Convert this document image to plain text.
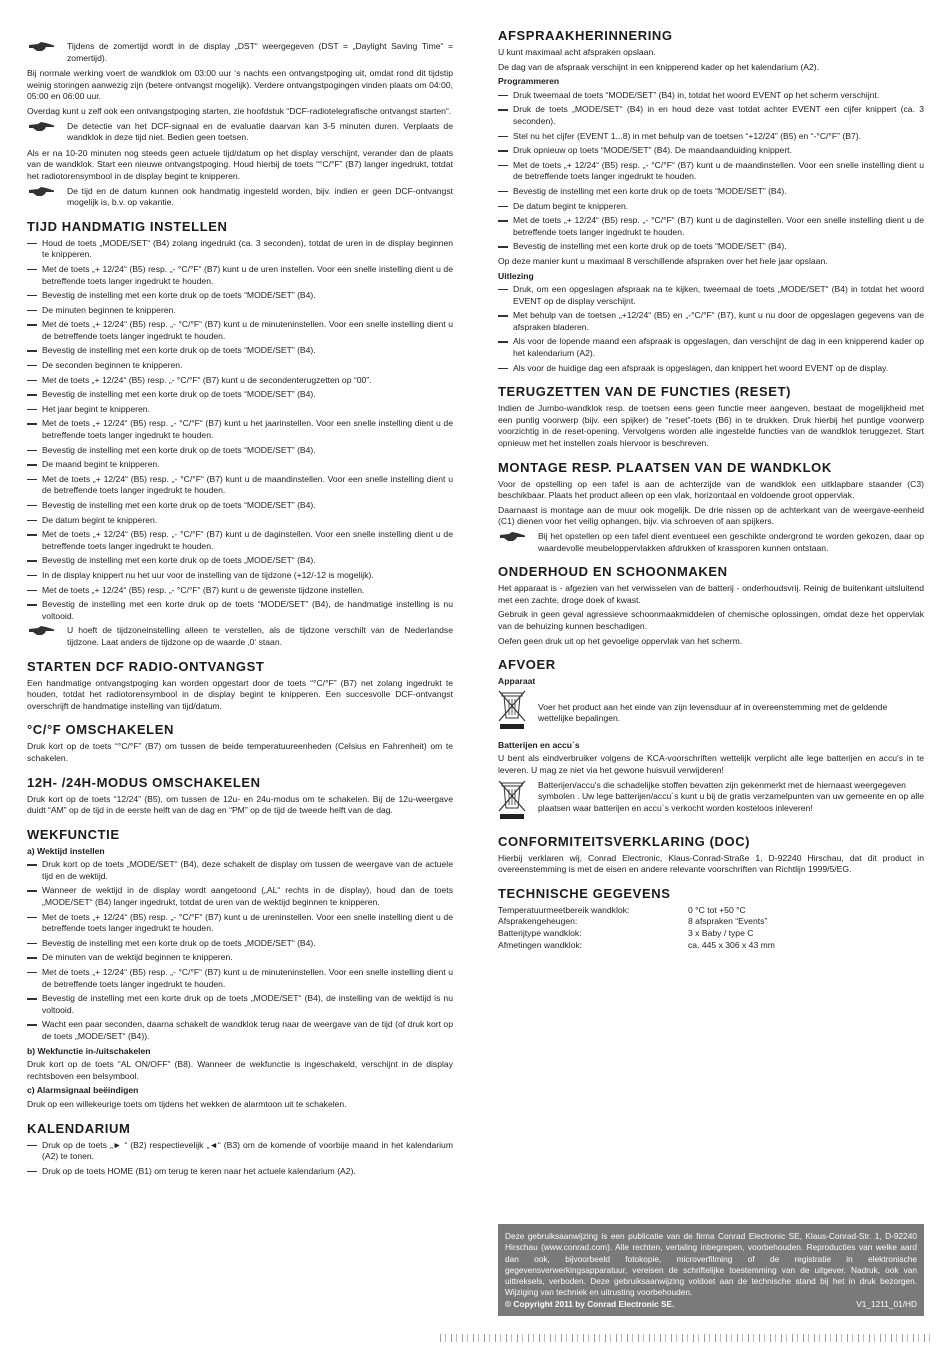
Tijdens de zomertijd wordt in de display „DST“ weergegeven (DST = „Daylight Saving Time“ = zomertijd).

Bij normale werking voert de wandklok om 03:00 uur ‘s nachts een ontvangstpoging uit, omdat rond dit tijdstip weinig storingen aanwezig zijn (betere ontvangst mogelijk). Verdere ontvangstpogingen vinden plaats om 04:00, 05:00 en 06:00 uur.

Overdag kunt u zelf ook een ontvangstpoging starten, zie hoofdstuk “DCF-radiotelegrafische ontvangst starten“.

De detectie van het DCF-signaal en de evaluatie daarvan kan 3-5 minuten duren. Verplaats de wandklok in deze tijd niet. Bedien geen toetsen.

Als er na 10-20 minuten nog steeds geen actuele tijd/datum op het display verschijnt, verander dan de plaats van de wandklok. Start een nieuwe ontvangstpoging. Houd hierbij de toets “°C/°F” (B7) langer ingedrukt, totdat het radiotorensymbool in de display begint te knipperen.

De tijd en de datum kunnen ook handmatig ingesteld worden, bijv. indien er geen DCF-ontvangst mogelijk is, b.v. op vakantie.
TIJD HANDMATIG INSTELLEN
Houd de toets „MODE/SET“ (B4) zolang ingedrukt (ca. 3 seconden), totdat de uren in de display beginnen te knipperen.
Met de toets „+ 12/24“ (B5) resp. „- °C/°F“ (B7) kunt u de uren instellen. Voor een snelle instelling dient u de betreffende toets langer ingedrukt te houden.
Bevestig de instelling met een korte druk op de toets “MODE/SET” (B4).
De minuten beginnen te knipperen.
Met de toets „+ 12/24“ (B5) resp. „- °C/°F“ (B7) kunt u de minuteninstellen. Voor een snelle instelling dient u de betreffende toets langer ingedrukt te houden.
Bevestig de instelling met een korte druk op de toets “MODE/SET” (B4).
De seconden beginnen te knipperen.
Met de toets „+ 12/24“ (B5) resp. „- °C/°F“ (B7) kunt u de secondenterugzetten op “00”.
Bevestig de instelling met een korte druk op de toets “MODE/SET” (B4).
Het jaar begint te knipperen.
Met de toets „+ 12/24“ (B5) resp. „- °C/°F“ (B7) kunt u het jaarinstellen. Voor een snelle instelling dient u de betreffende toets langer ingedrukt te houden.
Bevestig de instelling met een korte druk op de toets “MODE/SET” (B4).
De maand begint te knipperen.
Met de toets „+ 12/24“ (B5) resp. „- °C/°F“ (B7) kunt u de maandinstellen. Voor een snelle instelling dient u de betreffende toets langer ingedrukt te houden.
Bevestig de instelling met een korte druk op de toets “MODE/SET” (B4).
De datum begint te knipperen.
Met de toets „+ 12/24“ (B5) resp. „- °C/°F“ (B7) kunt u de daginstellen. Voor een snelle instelling dient u de betreffende toets langer ingedrukt te houden.
Bevestig de instelling met een korte druk op de toets „MODE/SET“ (B4).
In de display knippert nu het uur voor de instelling van de tijdzone (+12/-12 is mogelijk).
Met de toets „+ 12/24“ (B5) resp. „- °C/°F“ (B7) kunt u de gewenste tijdzone instellen.
Bevestig de instelling met een korte druk op de toets “MODE/SET” (B4), de handmatige instelling is nu voltooid.
U hoeft de tijdzoneinstelling alleen te verstellen, als de tijdzone verschilt van de Nederlandse tijdzone. Laat anders de tijdzone op de waarde ‚0‘ staan.
STARTEN DCF RADIO-ONTVANGST

Een handmatige ontvangstpoging kan worden opgestart door de toets “°C/°F” (B7) net zolang ingedrukt te houden, totdat het radiotorensymbool in de display begint te knipperen. Een succesvolle DCF-ontvangst overschrijft de handmatige instelling van tijd/datum.

°C/°F OMSCHAKELEN

Druk kort op de toets “°C/°F” (B7) om tussen de beide temperatuureenheden (Celsius en Fahrenheit) om te schakelen.

12H- /24H-MODUS OMSCHAKELEN

Druk kort op de toets “12/24” (B5), om tussen de 12u- en 24u-modus om te schakelen. Bij de 12u-weergave duidt “AM” op de tijd in de eerste helft van de dag en “PM” op de tijd de tweede helft van de dag.

WEKFUNCTIE
a) Wektijd instellen
Druk kort op de toets „MODE/SET“ (B4), deze schakelt de display om tussen de weergave van de actuele tijd en de wektijd.
Wanneer de wektijd in de display wordt aangetoond („AL“ rechts in de display), houd dan de toets „MODE/SET“ (B4) langer ingedrukt, totdat de uren van de wektijd beginnen te knipperen.
Met de toets „+ 12/24“ (B5) resp. „- °C/°F“ (B7) kunt u de ureninstellen. Voor een snelle instelling dient u de betreffende toets langer ingedrukt te houden.
Bevestig de instelling met een korte druk op de toets „MODE/SET“ (B4).
De minuten van de wektijd beginnen te knipperen.
Met de toets „+ 12/24“ (B5) resp. „- °C/°F“ (B7) kunt u de minuteninstellen. Voor een snelle instelling dient u de betreffende toets langer ingedrukt te houden.
Bevestig de instelling met een korte druk op de toets „MODE/SET“ (B4), de instelling van de wektijd is nu voltooid.
Wacht een paar seconden, daarna schakelt de wandklok terug naar de weergave van de tijd (of druk kort op de toets „MODE/SET“ (B4)).
b) Wekfunctie in-/uitschakelen

Druk kort op de toets “AL ON/OFF” (B8). Wanneer de wekfunctie is ingeschakeld, verschijnt in de display rechtsboven een belsymbool.

c) Alarmsignaal beëindigen

Druk op een willekeurige toets om tijdens het wekken de alarmtoon uit te schakelen.

KALENDARIUM
Druk op de toets „► “ (B2) respectievelijk „◄“ (B3) om de komende of voorbije maand in het kalendarium (A2) te tonen.
Druk op de toets HOME (B1) om terug te keren naar het actuele kalendarium (A2).
AFSPRAAKHERINNERING

U kunt maximaal acht afspraken opslaan.

De dag van de afspraak verschijnt in een knipperend kader op het kalendarium (A2).

Programmeren
Druk tweemaal de toets “MODE/SET” (B4) in, totdat het woord EVENT op het scherm verschijnt.
Druk de toets „MODE/SET“ (B4) in en houd deze vast totdat achter EVENT een cijfer knippert (ca. 3 seconden).
Stel nu het cijfer (EVENT 1...8) in met behulp van de toetsen “+12/24” (B5) en “-°C/°F” (B7).
Druk opnieuw op toets “MODE/SET” (B4). De maandaanduiding knippert.
Met de toets „+ 12/24“ (B5) resp. „- °C/°F“ (B7) kunt u de maandinstellen. Voor een snelle instelling dient u de betreffende toets langer ingedrukt te houden.
Bevestig de instelling met een korte druk op de toets “MODE/SET” (B4).
De datum begint te knipperen.
Met de toets „+ 12/24“ (B5) resp. „- °C/°F“ (B7) kunt u de daginstellen. Voor een snelle instelling dient u de betreffende toets langer ingedrukt te houden.
Bevestig de instelling met een korte druk op de toets “MODE/SET” (B4).

Op deze manier kunt u maximaal 8 verschillende afspraken over het hele jaar opslaan.

Uitlezing
Druk, om een opgeslagen afspraak na te kijken, tweemaal de toets „MODE/SET“ (B4) in totdat het woord EVENT op de display verschijnt.
Met behulp van de toetsen „+12/24“ (B5) en „-°C/°F“ (B7), kunt u nu door de opgeslagen gegevens van de afspraken bladeren.
Als voor de lopende maand een afspraak is opgeslagen, dan verschijnt de dag in een knipperend kader op het kalendarium (A2).
Als voor de huidige dag een afspraak is opgeslagen, dan knippert het woord EVENT op de display.
TERUGZETTEN VAN DE FUNCTIES (RESET)

Indien de Jumbo-wandklok resp. de toetsen eens geen functie meer aangeven, bestaat de mogelijkheid met een puntig voorwerp (bijv. een spijker) de “reset”-toets (B6) in te drukken. Druk hierbij het puntige voorwerp voorzichtig in de reset-opening. Vervolgens worden alle ingestelde functies van de wandklok teruggezet. Start opnieuw met het instellen zoals hiervoor is beschreven.

MONTAGE RESP. PLAATSEN VAN DE WANDKLOK

Voor de opstelling op een tafel is aan de achterzijde van de wandklok een uitklapbare staander (C3) beschikbaar. Plaats het product alleen op een vlak, horizontaal en voldoende groot oppervlak.

Daarnaast is montage aan de muur ook mogelijk. De drie nissen op de achterkant van de weergave-eenheid (C1) dienen voor het veilig ophangen, bijv. via schroeven of aan spijkers.

Bij het opstellen op een tafel dient eventueel een geschikte ondergrond te worden gekozen, daar op waardevolle meubeloppervlakken afdrukken of krassporen kunnen ontstaan.
ONDERHOUD EN SCHOONMAKEN

Het apparaat is - afgezien van het verwisselen van de batterij - onderhoudsvrij. Reinig de buitenkant uitsluitend met een zachte, droge doek of kwast.

Gebruik in geen geval agressieve schoonmaakmiddelen of chemische oplossingen, omdat deze het oppervlak van de behuizing kunnen beschadigen.

Oefen geen druk uit op het gevoelige oppervlak van het scherm.

AFVOER
Apparaat
Voer het product aan het einde van zijn levensduur af in overeenstemming met de geldende wettelijke bepalingen.
Batterijen en accu´s

U bent als eindverbruiker volgens de KCA-voorschriften wettelijk verplicht alle lege batterijen en accu's in te leveren. U mag ze niet via het gewone huisvuil verwijderen!

Batterijen/accu's die schadelijke stoffen bevatten zijn gekenmerkt met de hiernaast weergegeven symbolen . Uw lege batterijen/accu´s kunt u bij de gratis verzamelpunten van uw gemeente en op alle plaatsen waar batterijen en accu´s verkocht worden kosteloos inleveren!
CONFORMITEITSVERKLARING (DOC)

Hierbij verklaren wij, Conrad Electronic, Klaus-Conrad-Straße 1, D-92240 Hirschau, dat dit product in overeenstemming is met de eisen en andere relevante voorschriften van Richtlijn 1999/5/EG.

TECHNISCHE GEGEVENS
Temperatuurmeetbereik wandklok:	0 °C tot +50 °C
Afsprakengeheugen:	8 afspraken “Events”
Batterijtype wandklok:	3 x Baby / type C
Afmetingen wandklok:	ca. 445 x 306 x 43 mm
Deze gebruiksaanwijzing is een publicatie van de firma Conrad Electronic SE, Klaus-Conrad-Str. 1, D-92240 Hirschau (www.conrad.com). Alle rechten, vertaling inbegrepen, voorbehouden. Reproducties van welke aard dan ook, bijvoorbeeld fotokopie, microverfilming of de registratie in elektronische gegevensverwerkingsapparatuur, vereisen de schriftelijke toestemming van de uitgever. Nadruk, ook van uittreksels, verboden. Deze gebruiksaanwijzing voldoet aan de technische stand bij het in druk bezorgen. Wijziging van techniek en uitrusting voorbehouden.
© Copyright 2011 by Conrad Electronic SE.	V1_1211_01/HD
